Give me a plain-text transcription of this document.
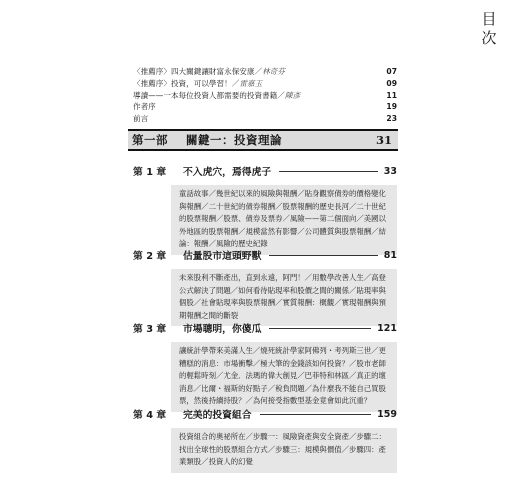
目次
〈推薦序〉四大關鍵讓財富永保安康／林奇芬	07
〈推薦序〉投資，可以學習！／雷嘉玉	09
導讀——一本每位投資人都需要的投資書籍／陳彥	11
作者序	19
前言	23
第一部 關鍵一：投資理論	31
第 1 章	不入虎穴，焉得虎子	33
童話故事／幾世紀以來的風險與報酬／貼身觀察債券的價格變化與報酬／二十世紀的債券報酬／股票報酬的歷史長河／二十世紀的股票報酬／股票、債券及票券／風險——第二個面向／美國以外地區的股票報酬／規模當然有影響／公司體質與股票報酬／結論：報酬／風險的歷史紀錄
第 2 章	估量股市這頭野獸	81
未來股利不斷產出，直到永遠，阿門！／用數學改善人生／高登公式解決了問題／如何看待貼現率和股價之間的關係／貼現率與個股／社會貼現率與股票報酬／實質報酬：概觀／實現報酬與預期報酬之間的斷裂
第 3 章	市場聰明，你傻瓜	121
讓統計學帶來美滿人生／燒死統計學家阿佛列・考列斯三世／更糟糕的消息：市場衝擊／極大筆的金錢該如何投資？／股市老師的輕鬆時刻／尤金．法瑪的偉大創見／巴菲特和林區／真正的壞消息／比爾・福斯的好點子／稅負問題／為什麼我不能自己買股票，然後持續持股？／為何接受指數型基金竟會如此沉重？
第 4 章	完美的投資組合	159
投資組合的奧祕所在／步驟一：風險資產與安全資產／步驟二：找出全球性的股票組合方式／步驟三：規模與價值／步驟四：產業類股／投資人的幻覺
